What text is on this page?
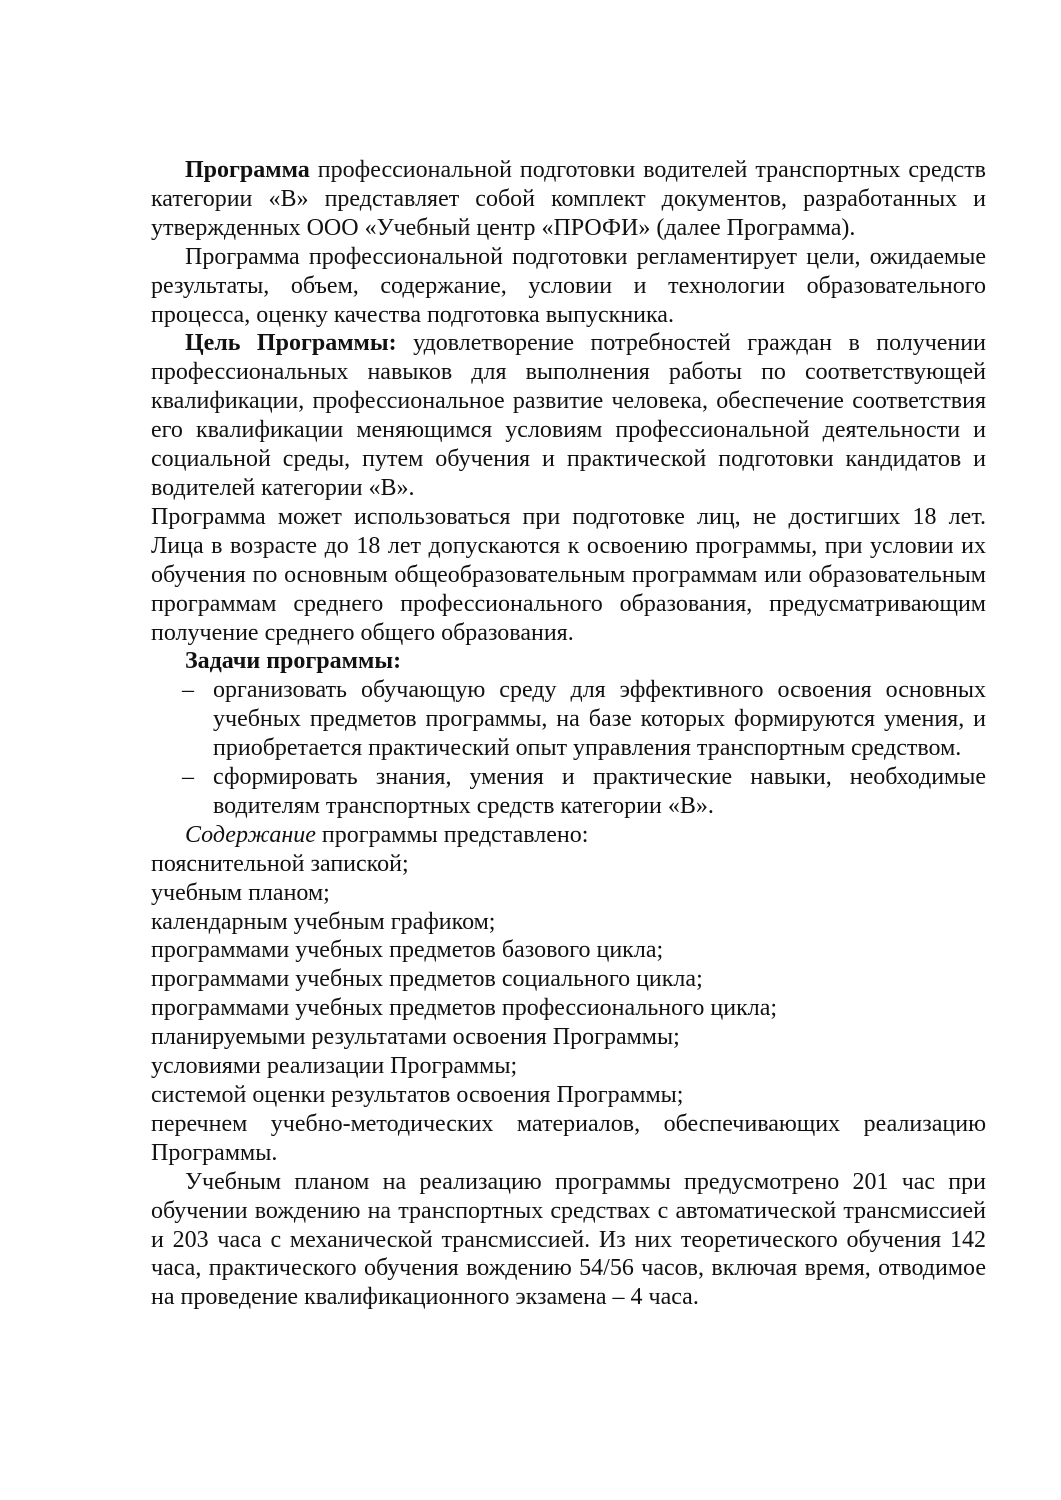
Программа профессиональной подготовки водителей транспортных средств категории «В» представляет собой комплект документов, разработанных и утвержденных ООО «Учебный центр «ПРОФИ» (далее Программа).

Программа профессиональной подготовки регламентирует цели, ожидаемые результаты, объем, содержание, условии и технологии образовательного процесса, оценку качества подготовка выпускника.

Цель Программы: удовлетворение потребностей граждан в получении профессиональных навыков для выполнения работы по соответствующей квалификации, профессиональное развитие человека, обеспечение соответствия его квалификации меняющимся условиям профессиональной деятельности и социальной среды, путем обучения и практической подготовки кандидатов и водителей категории «В».

Программа может использоваться при подготовке лиц, не достигших 18 лет. Лица в возрасте до 18 лет допускаются к освоению программы, при условии их обучения по основным общеобразовательным программам или образовательным программам среднего профессионального образования, предусматривающим получение среднего общего образования.

Задачи программы:

– организовать обучающую среду для эффективного освоения основных учебных предметов программы, на базе которых формируются умения, и приобретается практический опыт управления транспортным средством.
– сформировать знания, умения и практические навыки, необходимые водителям транспортных средств категории «В».

Содержание программы представлено:

пояснительной запиской;
учебным планом;
календарным учебным графиком;
программами учебных предметов базового цикла;
программами учебных предметов социального цикла;
программами учебных предметов профессионального цикла;
планируемыми результатами освоения Программы;
условиями реализации Программы;
системой оценки результатов освоения Программы;
перечнем учебно-методических материалов, обеспечивающих реализацию Программы.

Учебным планом на реализацию программы предусмотрено 201 час при обучении вождению на транспортных средствах с автоматической трансмиссией и 203 часа с механической трансмиссией. Из них теоретического обучения 142 часа, практического обучения вождению 54/56 часов, включая время, отводимое на проведение квалификационного экзамена – 4 часа.
